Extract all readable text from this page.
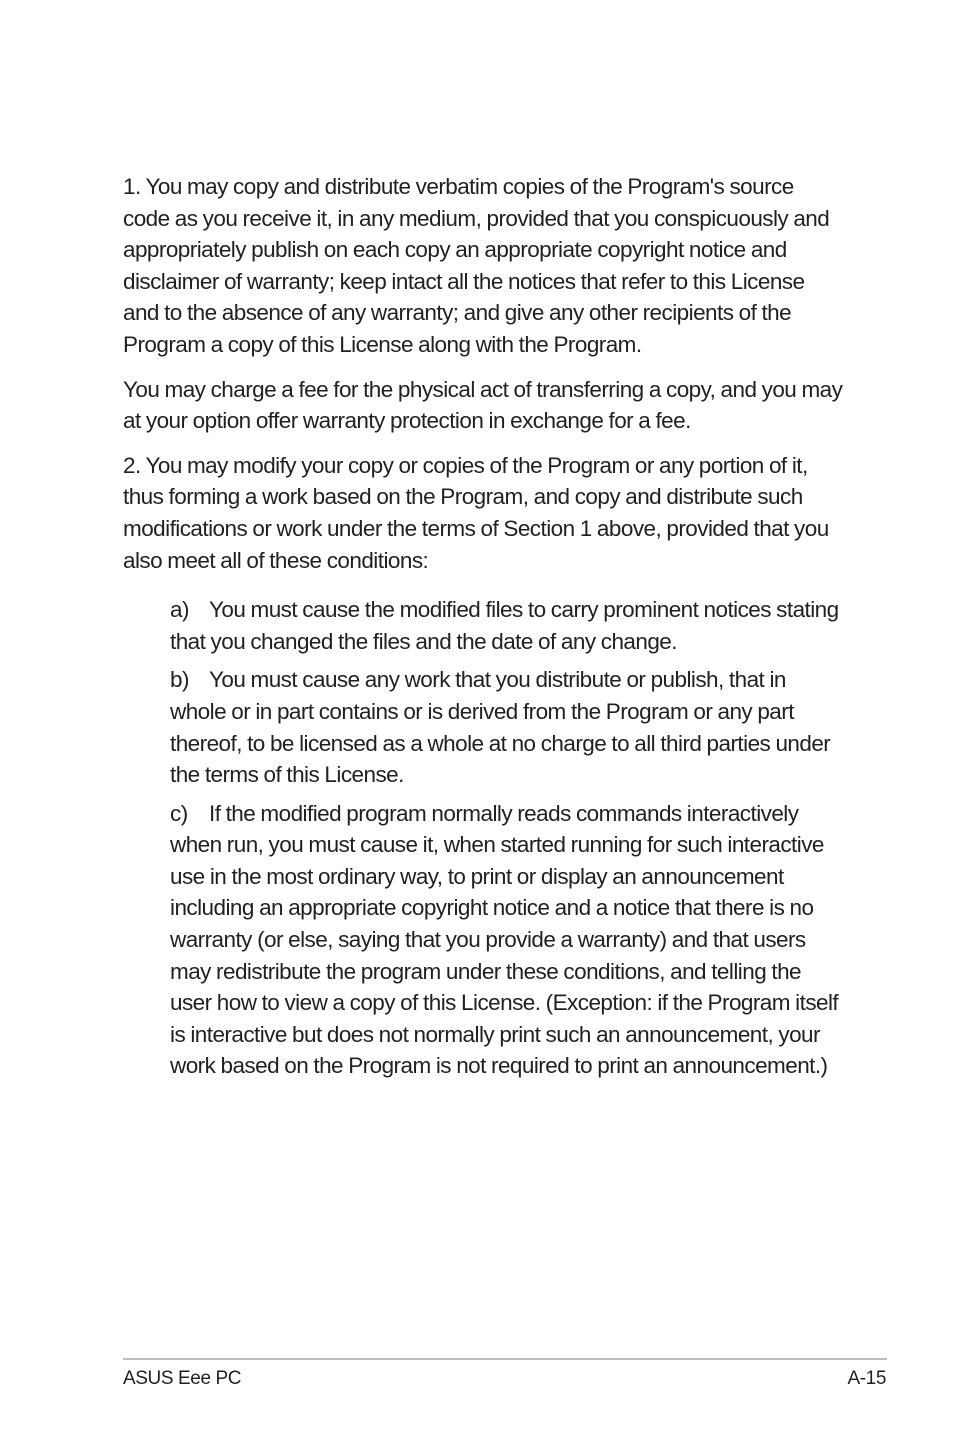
1. You may copy and distribute verbatim copies of the Program's source code as you receive it, in any medium, provided that you conspicuously and appropriately publish on each copy an appropriate copyright notice and disclaimer of warranty; keep intact all the notices that refer to this License and to the absence of any warranty; and give any other recipients of the Program a copy of this License along with the Program.

You may charge a fee for the physical act of transferring a copy, and you may at your option offer warranty protection in exchange for a fee.

2. You may modify your copy or copies of the Program or any portion of it, thus forming a work based on the Program, and copy and distribute such modifications or work under the terms of Section 1 above, provided that you also meet all of these conditions:

a) You must cause the modified files to carry prominent notices stating that you changed the files and the date of any change.
b) You must cause any work that you distribute or publish, that in whole or in part contains or is derived from the Program or any part thereof, to be licensed as a whole at no charge to all third parties under the terms of this License.
c) If the modified program normally reads commands interactively when run, you must cause it, when started running for such interactive use in the most ordinary way, to print or display an announcement including an appropriate copyright notice and a notice that there is no warranty (or else, saying that you provide a warranty) and that users may redistribute the program under these conditions, and telling the user how to view a copy of this License. (Exception: if the Program itself is interactive but does not normally print such an announcement, your work based on the Program is not required to print an announcement.)
ASUS Eee PC	A-15
